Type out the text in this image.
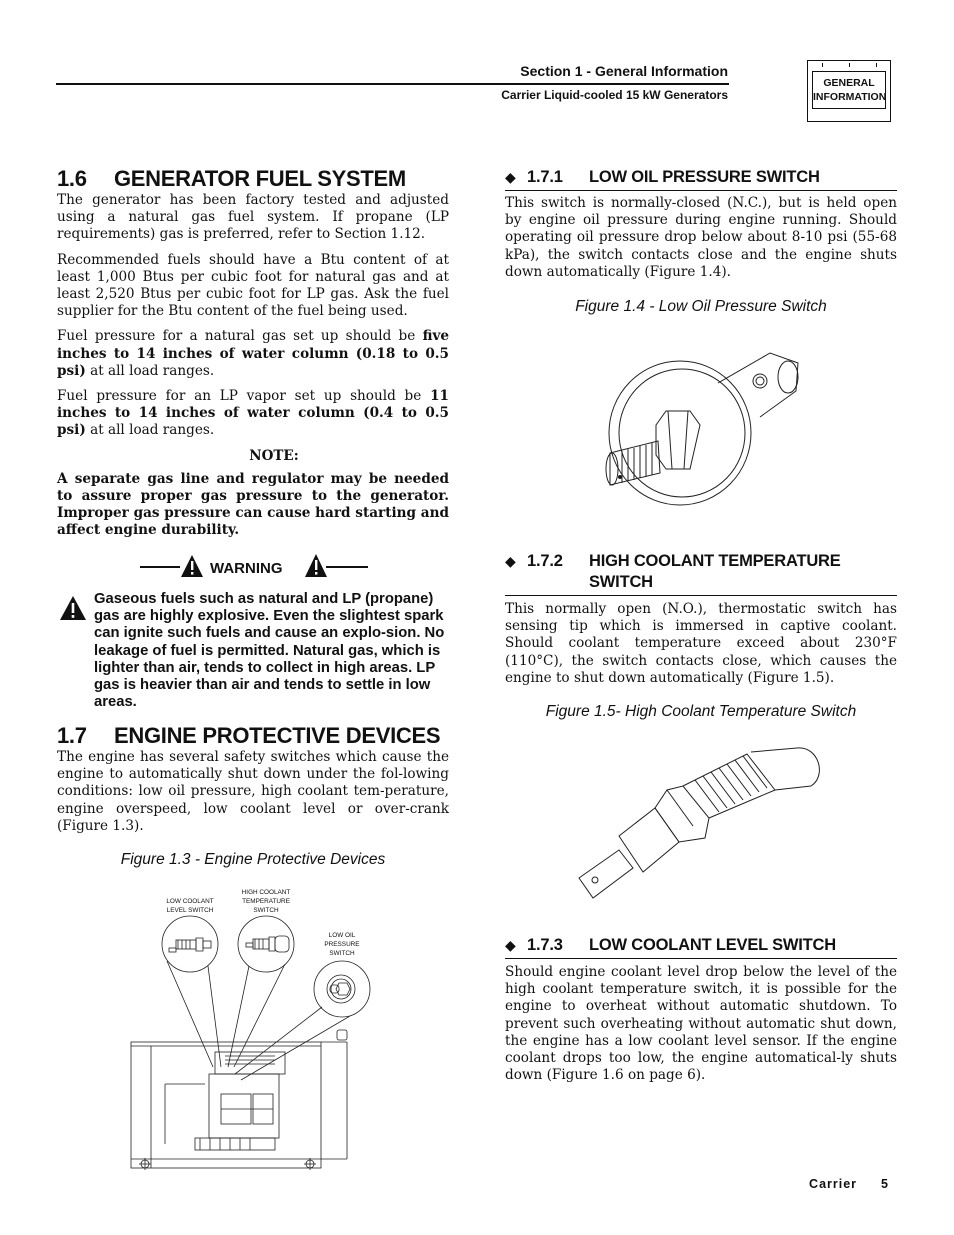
Section 1 - General Information
Carrier Liquid-cooled 15 kW Generators
GENERAL
INFORMATION
1.6 GENERATOR FUEL SYSTEM

The generator has been factory tested and adjusted using a natural gas fuel system. If propane (LP requirements) gas is preferred, refer to Section 1.12.

Recommended fuels should have a Btu content of at least 1,000 Btus per cubic foot for natural gas and at least 2,520 Btus per cubic foot for LP gas. Ask the fuel supplier for the Btu content of the fuel being used.

Fuel pressure for a natural gas set up should be five inches to 14 inches of water column (0.18 to 0.5 psi) at all load ranges.

Fuel pressure for an LP vapor set up should be 11 inches to 14 inches of water column (0.4 to 0.5 psi) at all load ranges.

NOTE:

A separate gas line and regulator may be needed to assure proper gas pressure to the generator. Improper gas pressure can cause hard starting and affect engine durability.

WARNING
Gaseous fuels such as natural and LP (propane) gas are highly explosive. Even the slightest spark can ignite such fuels and cause an explo-sion. No leakage of fuel is permitted. Natural gas, which is lighter than air, tends to collect in high areas. LP gas is heavier than air and tends to settle in low areas.
1.7 ENGINE PROTECTIVE DEVICES

The engine has several safety switches which cause the engine to automatically shut down under the fol-lowing conditions: low oil pressure, high coolant tem-perature, engine overspeed, low coolant level or over-crank (Figure 1.3).

Figure 1.3 - Engine Protective Devices
LOW COOLANT
LEVEL SWITCH
HIGH COOLANT
TEMPERATURE
SWITCH
LOW OIL
PRESSURE
SWITCH
◆ 1.7.1 LOW OIL PRESSURE SWITCH

This switch is normally-closed (N.C.), but is held open by engine oil pressure during engine running. Should operating oil pressure drop below about 8-10 psi (55-68 kPa), the switch contacts close and the engine shuts down automatically (Figure 1.4).

Figure 1.4 - Low Oil Pressure Switch
◆ 1.7.2 HIGH COOLANT TEMPERATURE
SWITCH

This normally open (N.O.), thermostatic switch has sensing tip which is immersed in captive coolant. Should coolant temperature exceed about 230°F (110°C), the switch contacts close, which causes the engine to shut down automatically (Figure 1.5).

Figure 1.5- High Coolant Temperature Switch
◆ 1.7.3 LOW COOLANT LEVEL SWITCH

Should engine coolant level drop below the level of the high coolant temperature switch, it is possible for the engine to overheat without automatic shutdown. To prevent such overheating without automatic shut down, the engine has a low coolant level sensor. If the engine coolant drops too low, the engine automatical-ly shuts down (Figure 1.6 on page 6).

Carrier 5
